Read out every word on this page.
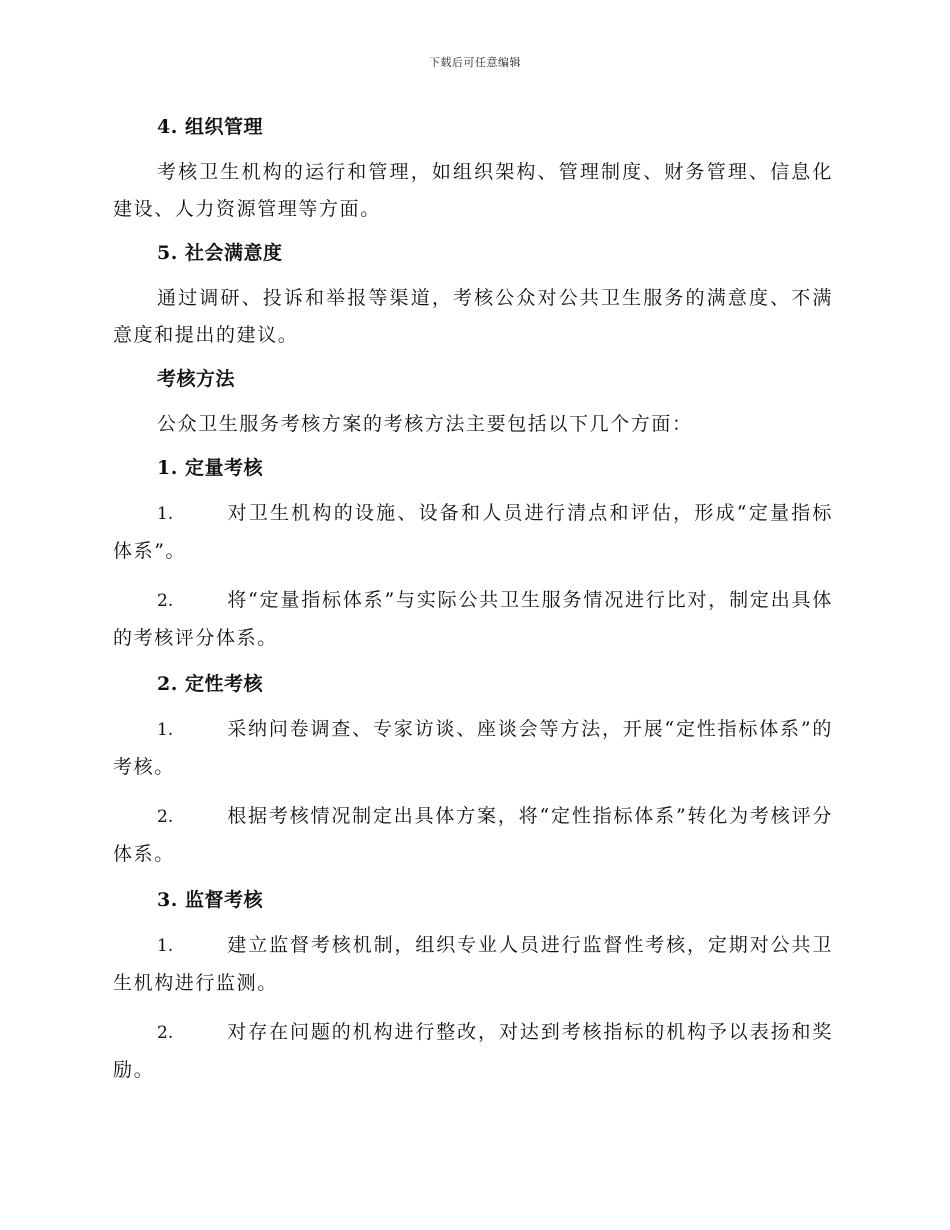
下载后可任意编辑
4. 组织管理

考核卫生机构的运行和管理，如组织架构、管理制度、财务管理、信息化建设、人力资源管理等方面。

5. 社会满意度

通过调研、投诉和举报等渠道，考核公众对公共卫生服务的满意度、不满意度和提出的建议。

考核方法

公众卫生服务考核方案的考核方法主要包括以下几个方面：

1. 定量考核

1.	对卫生机构的设施、设备和人员进行清点和评估，形成“定量指标体系”。

2.	将“定量指标体系”与实际公共卫生服务情况进行比对，制定出具体的考核评分体系。

2. 定性考核

1.	采纳问卷调查、专家访谈、座谈会等方法，开展“定性指标体系”的考核。

2.	根据考核情况制定出具体方案，将“定性指标体系”转化为考核评分体系。

3. 监督考核

1.	建立监督考核机制，组织专业人员进行监督性考核，定期对公共卫生机构进行监测。

2.	对存在问题的机构进行整改，对达到考核指标的机构予以表扬和奖励。
